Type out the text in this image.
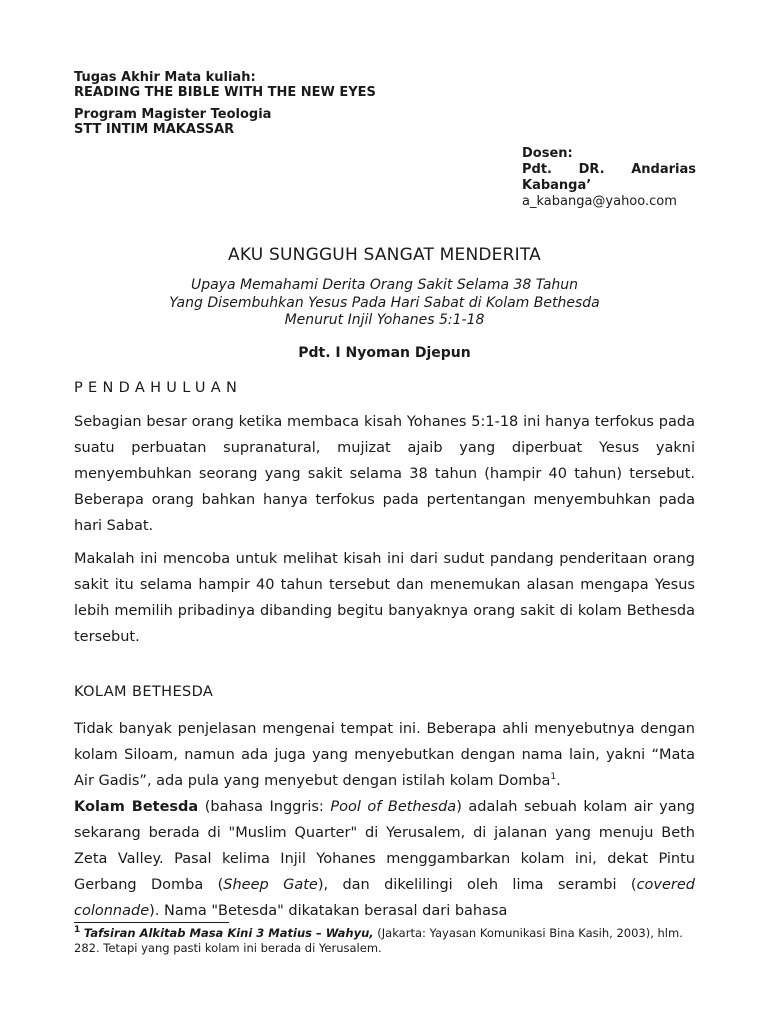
Tugas Akhir Mata kuliah:
READING THE BIBLE WITH THE NEW EYES
Program Magister Teologia
STT INTIM MAKASSAR
Dosen:
Pdt. DR. Andarias
Kabanga’
a_kabanga@yahoo.com
AKU SUNGGUH SANGAT MENDERITA
Upaya Memahami Derita Orang Sakit Selama 38 Tahun
Yang Disembuhkan Yesus Pada Hari Sabat di Kolam Bethesda
Menurut Injil Yohanes 5:1-18
Pdt. I Nyoman Djepun
PENDAHULUAN
Sebagian besar orang ketika membaca kisah Yohanes 5:1-18 ini hanya terfokus pada suatu perbuatan supranatural, mujizat ajaib yang diperbuat Yesus yakni menyembuhkan seorang yang sakit selama 38 tahun (hampir 40 tahun) tersebut. Beberapa orang bahkan hanya terfokus pada pertentangan menyembuhkan pada hari Sabat.
Makalah ini mencoba untuk melihat kisah ini dari sudut pandang penderitaan orang sakit itu selama hampir 40 tahun tersebut dan menemukan alasan mengapa Yesus lebih memilih pribadinya dibanding begitu banyaknya orang sakit di kolam Bethesda tersebut.
KOLAM BETHESDA
Tidak banyak penjelasan mengenai tempat ini. Beberapa ahli menyebutnya dengan kolam Siloam, namun ada juga yang menyebutkan dengan nama lain, yakni “Mata Air Gadis”, ada pula yang menyebut dengan istilah kolam Domba$^1$.
Kolam Betesda (bahasa Inggris: Pool of Bethesda) adalah sebuah kolam air yang sekarang berada di "Muslim Quarter" di Yerusalem, di jalanan yang menuju Beth Zeta Valley. Pasal kelima Injil Yohanes menggambarkan kolam ini, dekat Pintu Gerbang Domba (Sheep Gate), dan dikelilingi oleh lima serambi (covered colonnade). Nama "Betesda" dikatakan berasal dari bahasa
$^1$ Tafsiran Alkitab Masa Kini 3 Matius – Wahyu, (Jakarta: Yayasan Komunikasi Bina Kasih, 2003), hlm. 282. Tetapi yang pasti kolam ini berada di Yerusalem.
